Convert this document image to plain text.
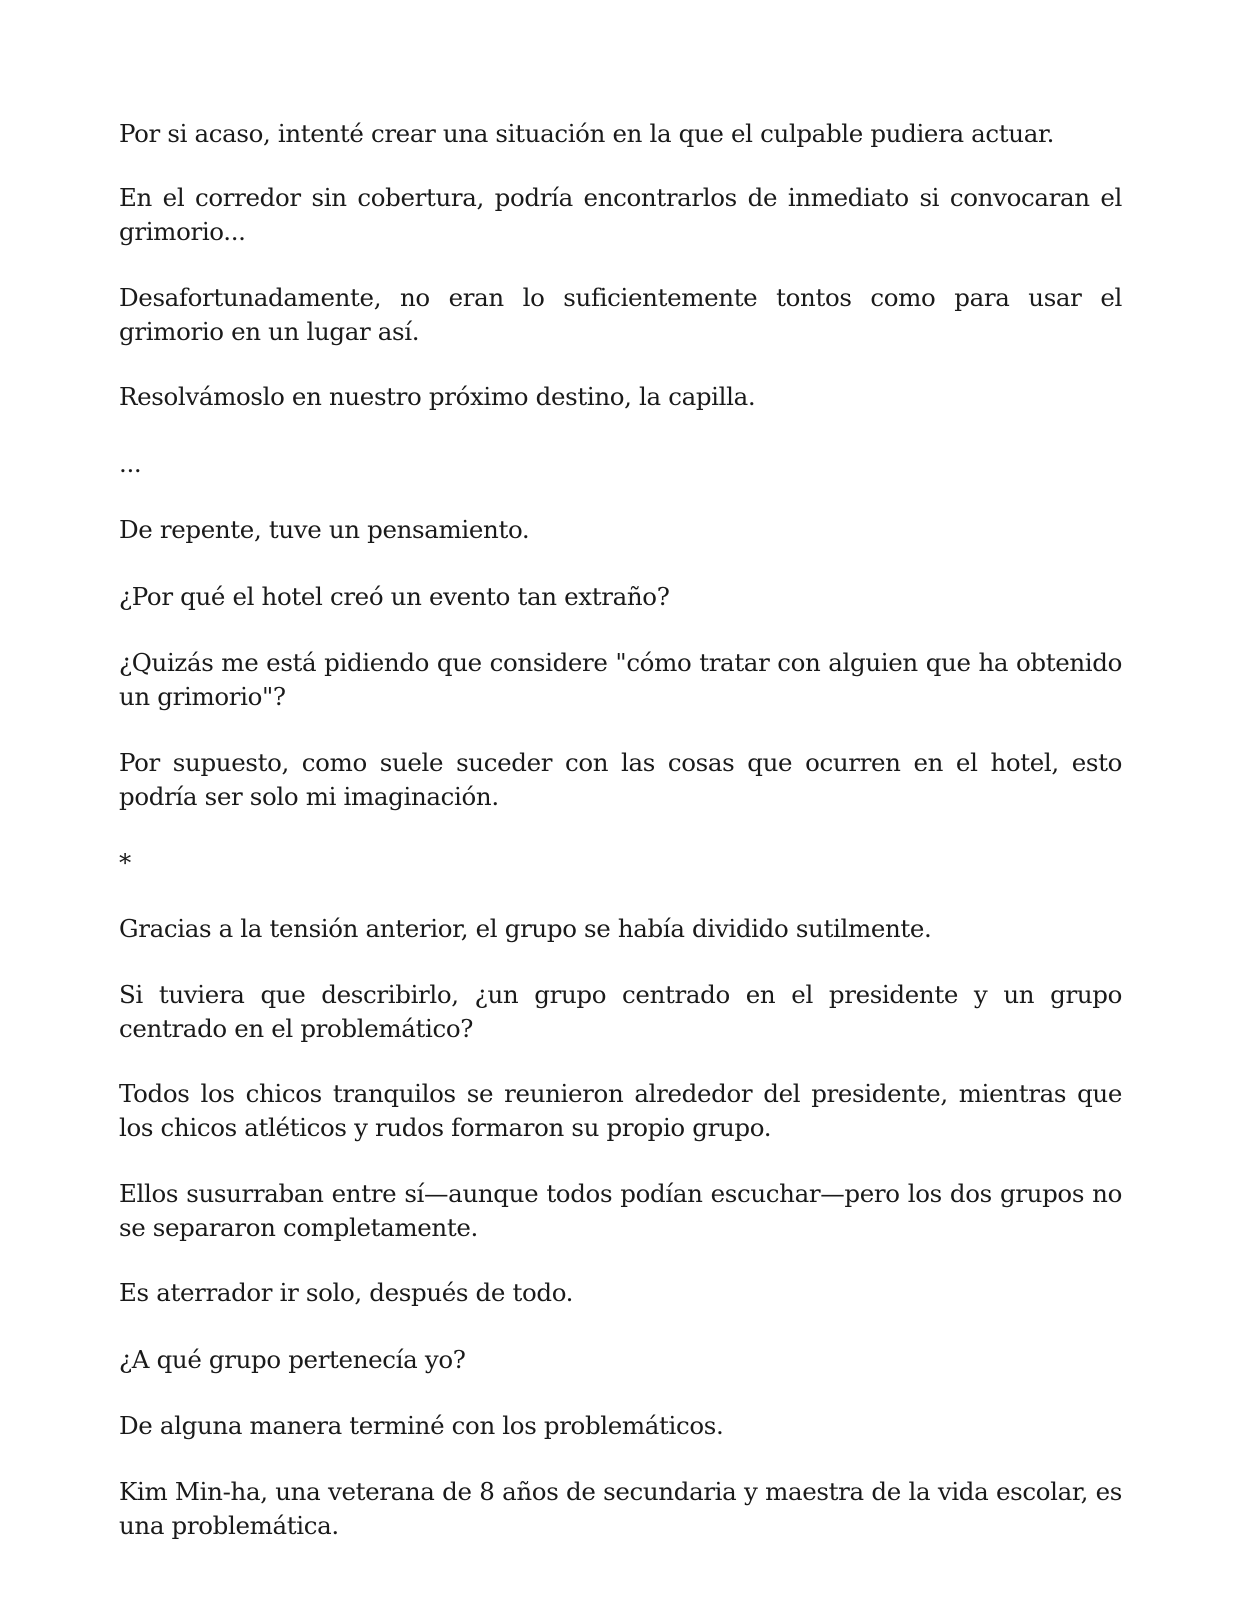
Por si acaso, intenté crear una situación en la que el culpable pudiera actuar.

En el corredor sin cobertura, podría encontrarlos de inmediato si convocaran el grimorio...

Desafortunadamente, no eran lo suficientemente tontos como para usar el grimorio en un lugar así.

Resolvámoslo en nuestro próximo destino, la capilla.

...

De repente, tuve un pensamiento.

¿Por qué el hotel creó un evento tan extraño?

¿Quizás me está pidiendo que considere "cómo tratar con alguien que ha obtenido un grimorio"?

Por supuesto, como suele suceder con las cosas que ocurren en el hotel, esto podría ser solo mi imaginación.

*

Gracias a la tensión anterior, el grupo se había dividido sutilmente.

Si tuviera que describirlo, ¿un grupo centrado en el presidente y un grupo centrado en el problemático?

Todos los chicos tranquilos se reunieron alrededor del presidente, mientras que los chicos atléticos y rudos formaron su propio grupo.

Ellos susurraban entre sí—aunque todos podían escuchar—pero los dos grupos no se separaron completamente.

Es aterrador ir solo, después de todo.

¿A qué grupo pertenecía yo?

De alguna manera terminé con los problemáticos.

Kim Min-ha, una veterana de 8 años de secundaria y maestra de la vida escolar, es una problemática.
